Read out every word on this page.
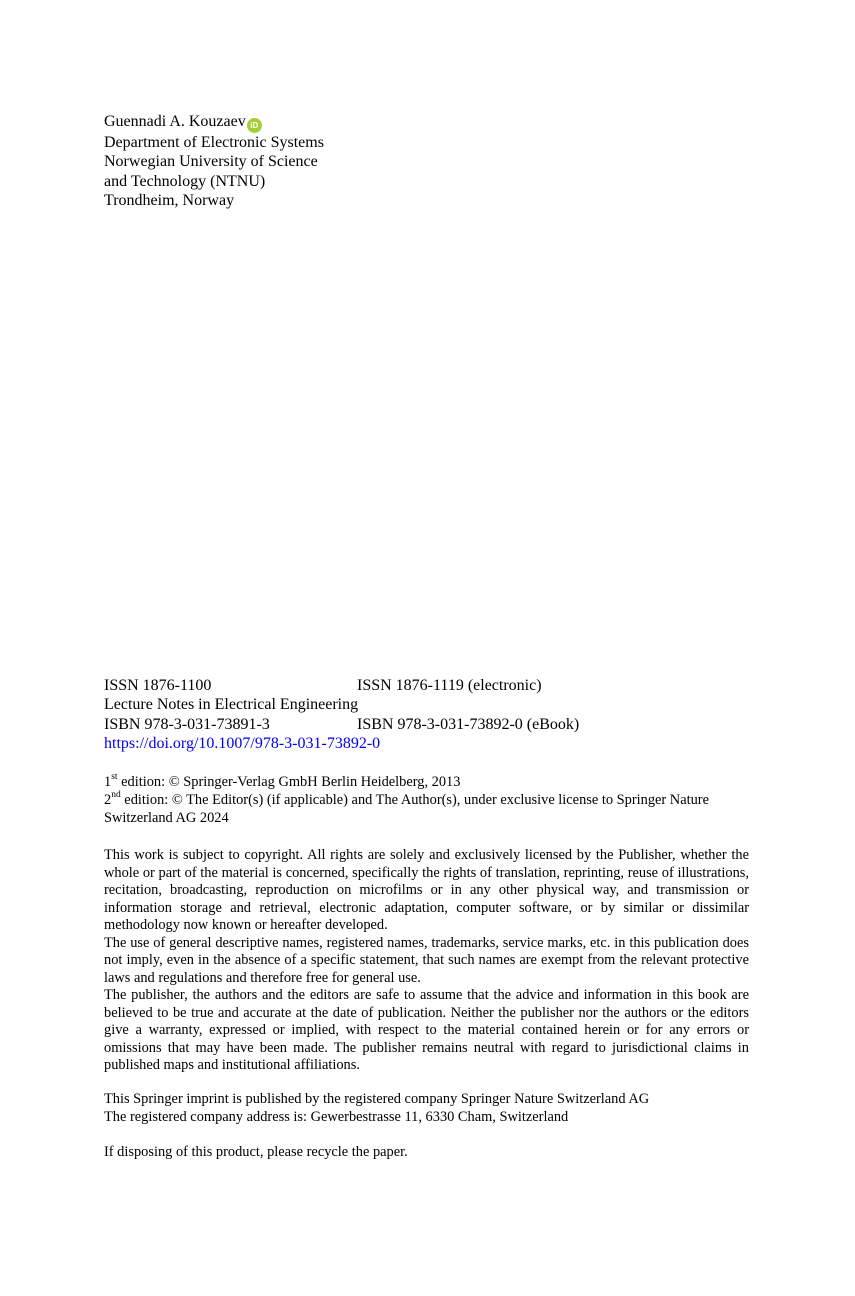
Guennadi A. Kouzaev iD
Department of Electronic Systems
Norwegian University of Science
and Technology (NTNU)
Trondheim, Norway
ISSN 1876-1100	ISSN 1876-1119 (electronic)
Lecture Notes in Electrical Engineering
ISBN 978-3-031-73891-3	ISBN 978-3-031-73892-0 (eBook)
https://doi.org/10.1007/978-3-031-73892-0
1st edition: © Springer-Verlag GmbH Berlin Heidelberg, 2013
2nd edition: © The Editor(s) (if applicable) and The Author(s), under exclusive license to Springer Nature Switzerland AG 2024

This work is subject to copyright. All rights are solely and exclusively licensed by the Publisher, whether the whole or part of the material is concerned, specifically the rights of translation, reprinting, reuse of illustrations, recitation, broadcasting, reproduction on microfilms or in any other physical way, and transmission or information storage and retrieval, electronic adaptation, computer software, or by similar or dissimilar methodology now known or hereafter developed.

The use of general descriptive names, registered names, trademarks, service marks, etc. in this publication does not imply, even in the absence of a specific statement, that such names are exempt from the relevant protective laws and regulations and therefore free for general use.

The publisher, the authors and the editors are safe to assume that the advice and information in this book are believed to be true and accurate at the date of publication. Neither the publisher nor the authors or the editors give a warranty, expressed or implied, with respect to the material contained herein or for any errors or omissions that may have been made. The publisher remains neutral with regard to jurisdictional claims in published maps and institutional affiliations.

This Springer imprint is published by the registered company Springer Nature Switzerland AG
The registered company address is: Gewerbestrasse 11, 6330 Cham, Switzerland
If disposing of this product, please recycle the paper.
